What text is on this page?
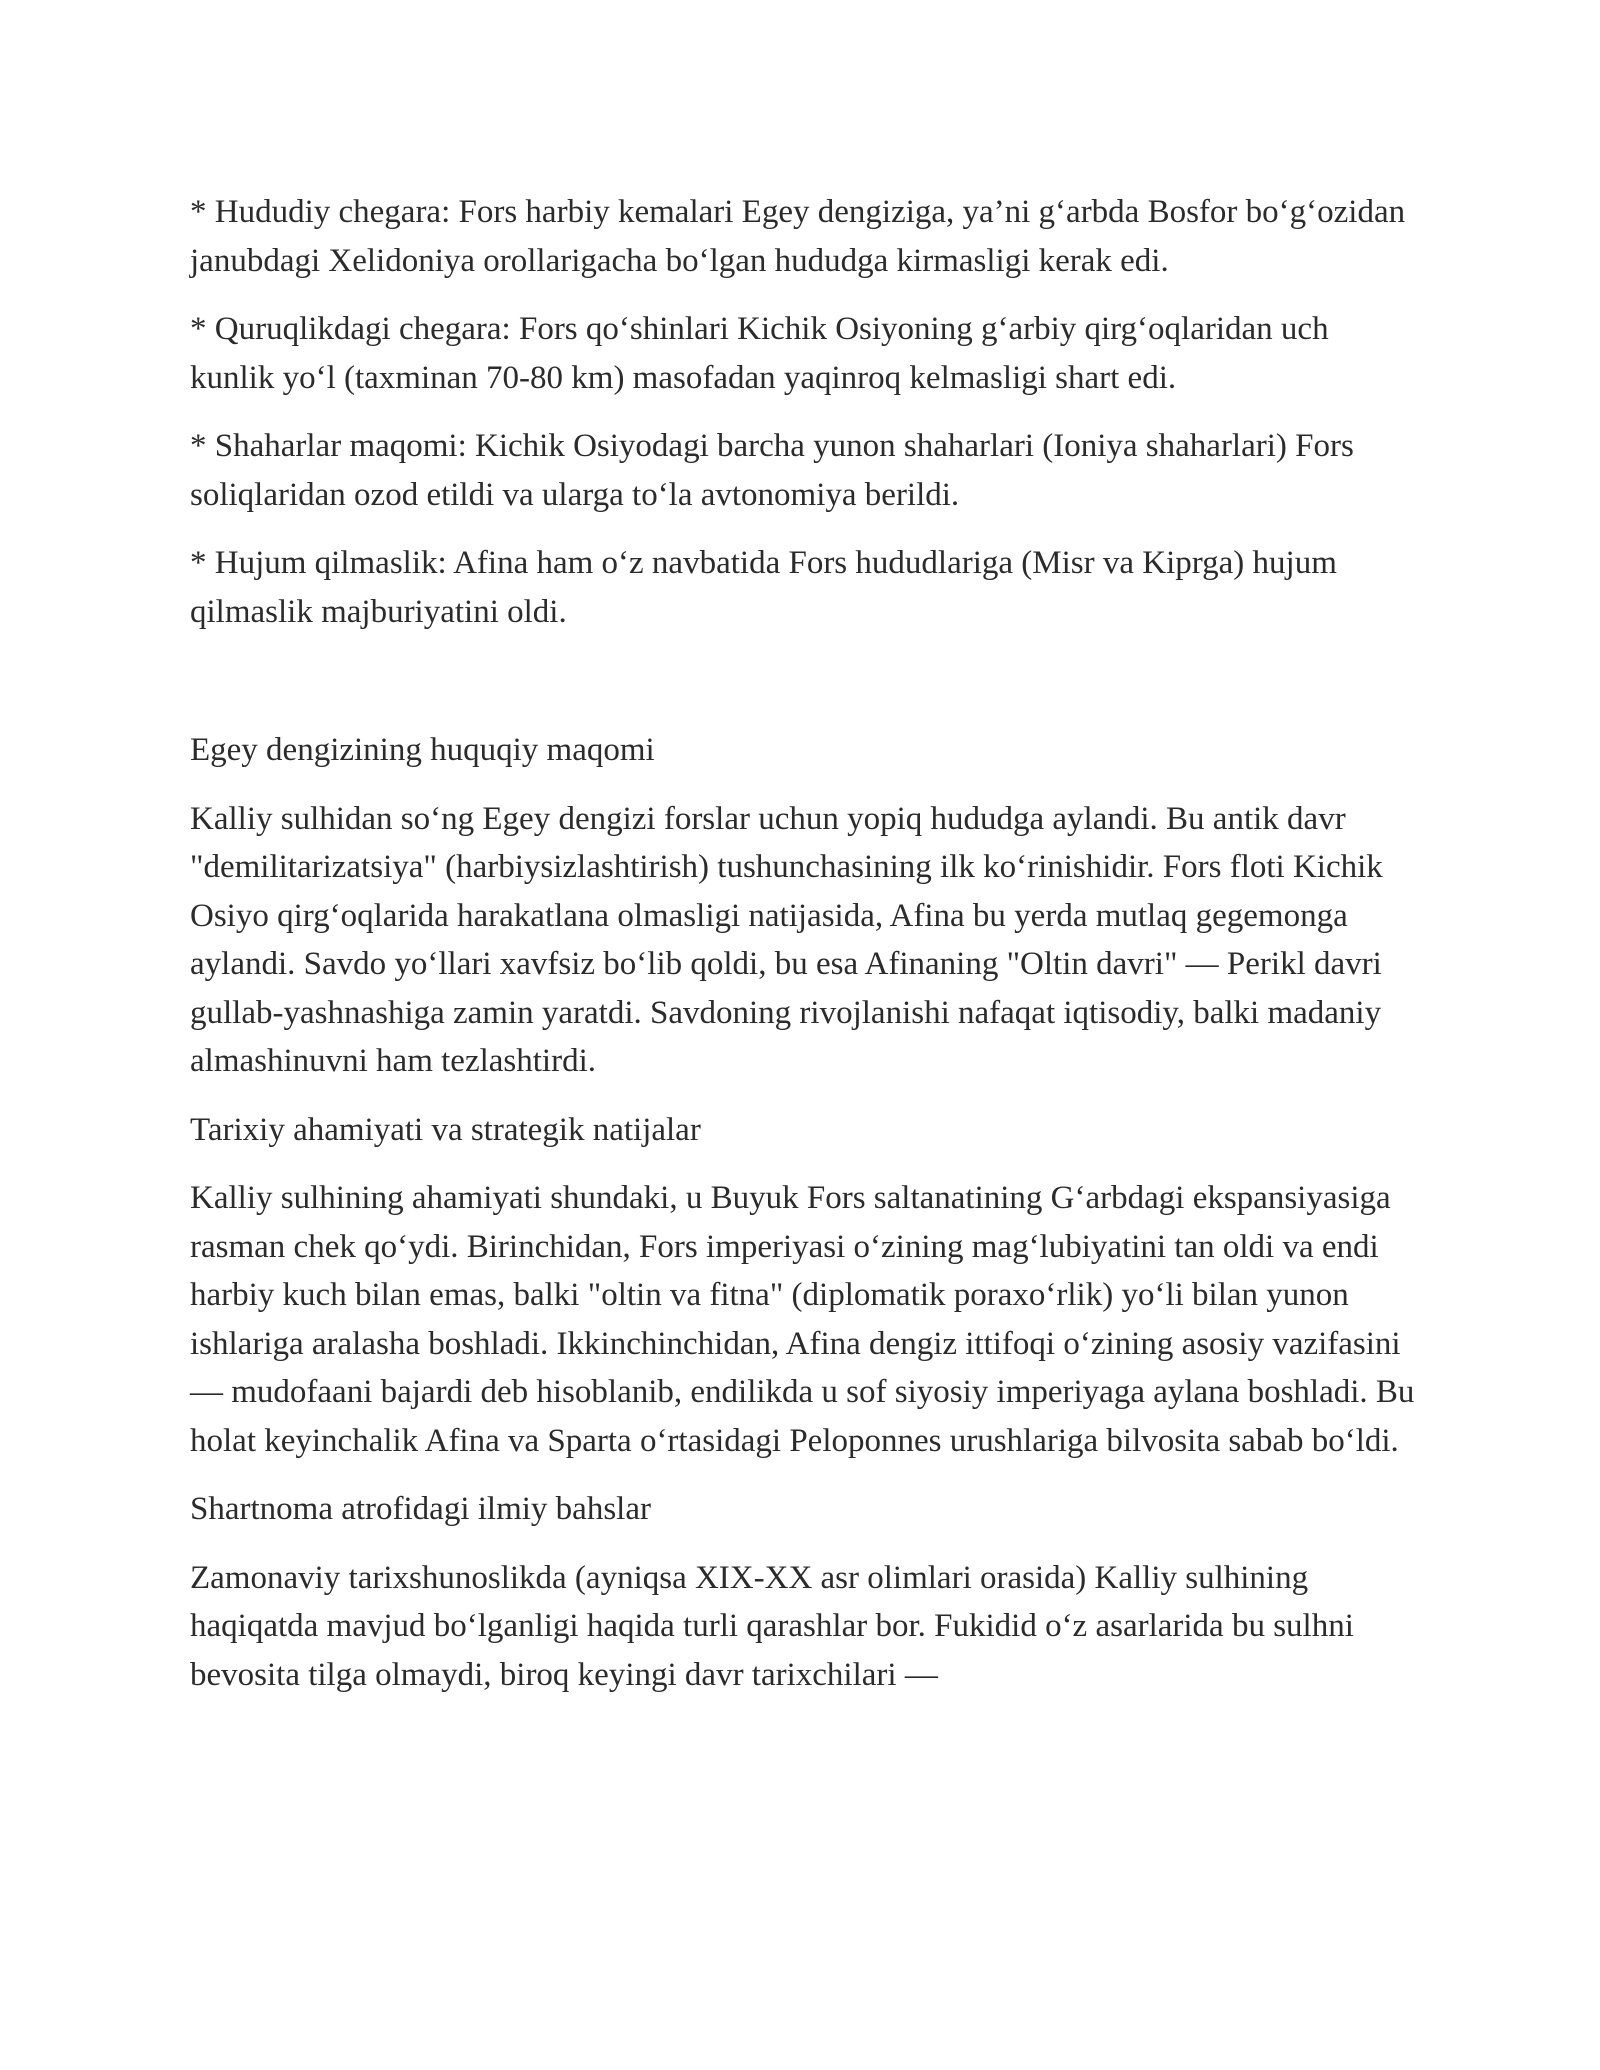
* Hududiy chegara: Fors harbiy kemalari Egey dengiziga, ya’ni g‘arbda Bosfor bo‘g‘ozidan janubdagi Xelidoniya orollarigacha bo‘lgan hududga kirmasligi kerak edi.

* Quruqlikdagi chegara: Fors qo‘shinlari Kichik Osiyoning g‘arbiy qirg‘oqlaridan uch kunlik yo‘l (taxminan 70-80 km) masofadan yaqinroq kelmasligi shart edi.

* Shaharlar maqomi: Kichik Osiyodagi barcha yunon shaharlari (Ioniya shaharlari) Fors soliqlaridan ozod etildi va ularga to‘la avtonomiya berildi.

* Hujum qilmaslik: Afina ham o‘z navbatida Fors hududlariga (Misr va Kiprga) hujum qilmaslik majburiyatini oldi.

Egey dengizining huquqiy maqomi

Kalliy sulhidan so‘ng Egey dengizi forslar uchun yopiq hududga aylandi. Bu antik davr "demilitarizatsiya" (harbiysizlashtirish) tushunchasining ilk ko‘rinishidir. Fors floti Kichik Osiyo qirg‘oqlarida harakatlana olmasligi natijasida, Afina bu yerda mutlaq gegemonga aylandi. Savdo yo‘llari xavfsiz bo‘lib qoldi, bu esa Afinaning "Oltin davri" — Perikl davri gullab-yashnashiga zamin yaratdi. Savdoning rivojlanishi nafaqat iqtisodiy, balki madaniy almashinuvni ham tezlashtirdi.

Tarixiy ahamiyati va strategik natijalar

Kalliy sulhining ahamiyati shundaki, u Buyuk Fors saltanatining G‘arbdagi ekspansiyasiga rasman chek qo‘ydi. Birinchidan, Fors imperiyasi o‘zining mag‘lubiyatini tan oldi va endi harbiy kuch bilan emas, balki "oltin va fitna" (diplomatik poraxo‘rlik) yo‘li bilan yunon ishlariga aralasha boshladi. Ikkinchinchidan, Afina dengiz ittifoqi o‘zining asosiy vazifasini — mudofaani bajardi deb hisoblanib, endilikda u sof siyosiy imperiyaga aylana boshladi. Bu holat keyinchalik Afina va Sparta o‘rtasidagi Peloponnes urushlariga bilvosita sabab bo‘ldi.

Shartnoma atrofidagi ilmiy bahslar

Zamonaviy tarixshunoslikda (ayniqsa XIX-XX asr olimlari orasida) Kalliy sulhining haqiqatda mavjud bo‘lganligi haqida turli qarashlar bor. Fukidid o‘z asarlarida bu sulhni bevosita tilga olmaydi, biroq keyingi davr tarixchilari —
